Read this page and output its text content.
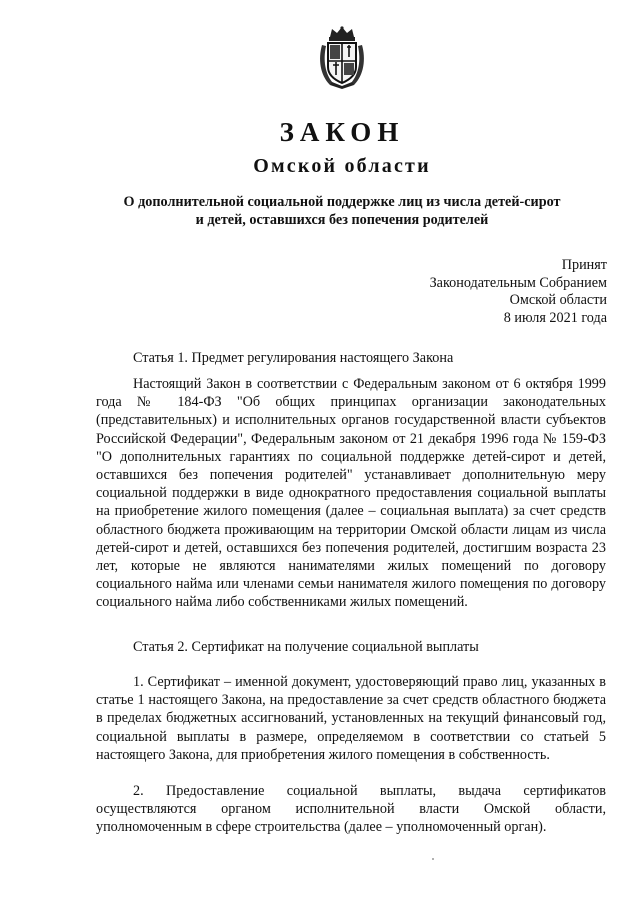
ЗАКОН
Омской области
О дополнительной социальной поддержке лиц из числа детей-сирот
и детей, оставшихся без попечения родителей
Принят
Законодательным Собранием
Омской области
8 июля 2021 года
Статья 1. Предмет регулирования настоящего Закона

Настоящий Закон в соответствии с Федеральным законом от 6 октября 1999 года № 184-ФЗ "Об общих принципах организации законодательных (представительных) и исполнительных органов государственной власти субъектов Российской Федерации", Федеральным законом от 21 декабря 1996 года № 159-ФЗ "О дополнительных гарантиях по социальной поддержке детей-сирот и детей, оставшихся без попечения родителей" устанавливает дополнительную меру социальной поддержки в виде однократного предоставления социальной выплаты на приобретение жилого помещения (далее – социальная выплата) за счет средств областного бюджета проживающим на территории Омской области лицам из числа детей-сирот и детей, оставшихся без попечения родителей, достигшим возраста 23 лет, которые не являются нанимателями жилых помещений по договору социального найма или членами семьи нанимателя жилого помещения по договору социального найма либо собственниками жилых помещений.

Статья 2. Сертификат на получение социальной выплаты

1. Сертификат – именной документ, удостоверяющий право лиц, указанных в статье 1 настоящего Закона, на предоставление за счет средств областного бюджета в пределах бюджетных ассигнований, установленных на текущий финансовый год, социальной выплаты в размере, определяемом в соответствии со статьей 5 настоящего Закона, для приобретения жилого помещения в собственность.

2. Предоставление социальной выплаты, выдача сертификатов осуществляются органом исполнительной власти Омской области, уполномоченным в сфере строительства (далее – уполномоченный орган).
